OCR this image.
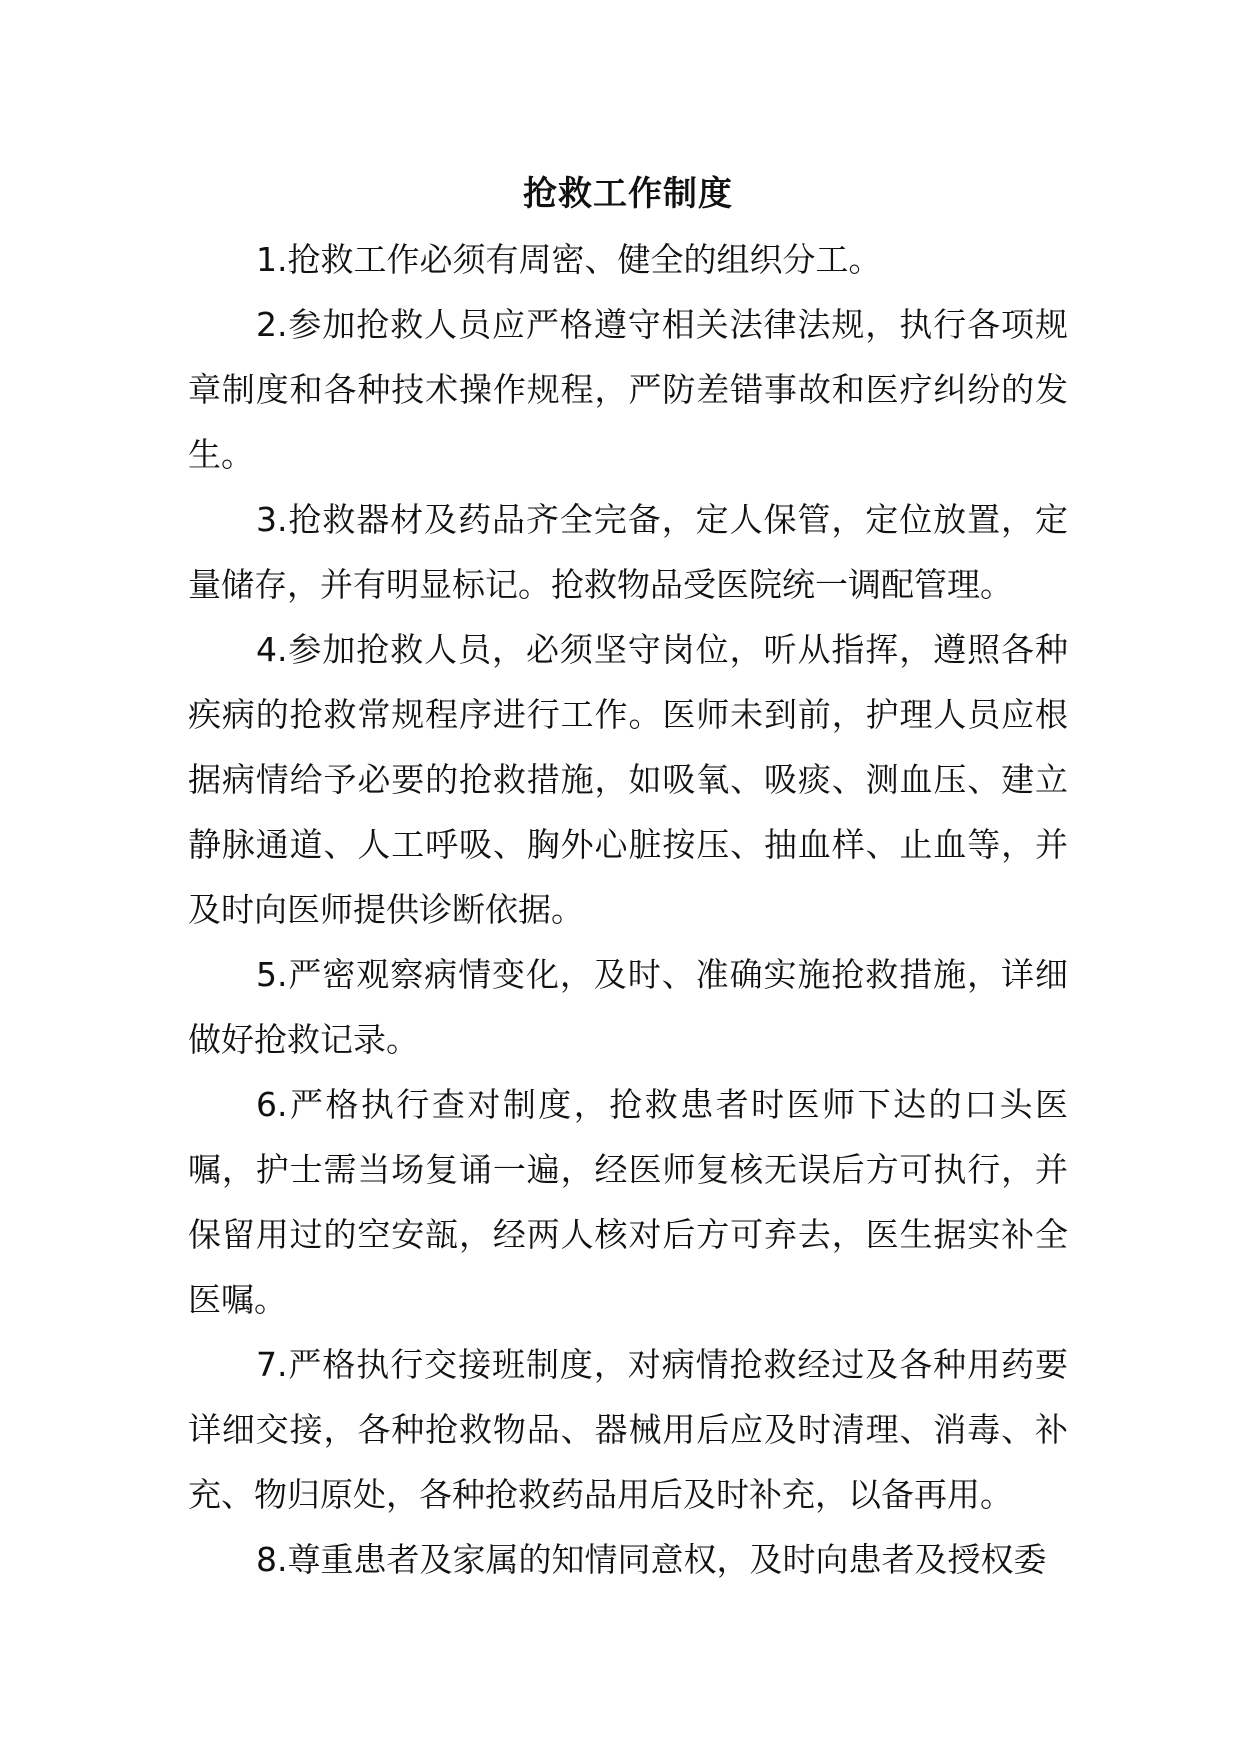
抢救工作制度

1.抢救工作必须有周密、健全的组织分工。

2.参加抢救人员应严格遵守相关法律法规，执行各项规章制度和各种技术操作规程，严防差错事故和医疗纠纷的发生。

3.抢救器材及药品齐全完备，定人保管，定位放置，定量储存，并有明显标记。抢救物品受医院统一调配管理。

4.参加抢救人员，必须坚守岗位，听从指挥，遵照各种疾病的抢救常规程序进行工作。医师未到前，护理人员应根据病情给予必要的抢救措施，如吸氧、吸痰、测血压、建立静脉通道、人工呼吸、胸外心脏按压、抽血样、止血等，并及时向医师提供诊断依据。

5.严密观察病情变化，及时、准确实施抢救措施，详细做好抢救记录。

6.严格执行查对制度，抢救患者时医师下达的口头医嘱，护士需当场复诵一遍，经医师复核无误后方可执行，并保留用过的空安瓿，经两人核对后方可弃去，医生据实补全医嘱。

7.严格执行交接班制度，对病情抢救经过及各种用药要详细交接，各种抢救物品、器械用后应及时清理、消毒、补充、物归原处，各种抢救药品用后及时补充，以备再用。

8.尊重患者及家属的知情同意权，及时向患者及授权委
